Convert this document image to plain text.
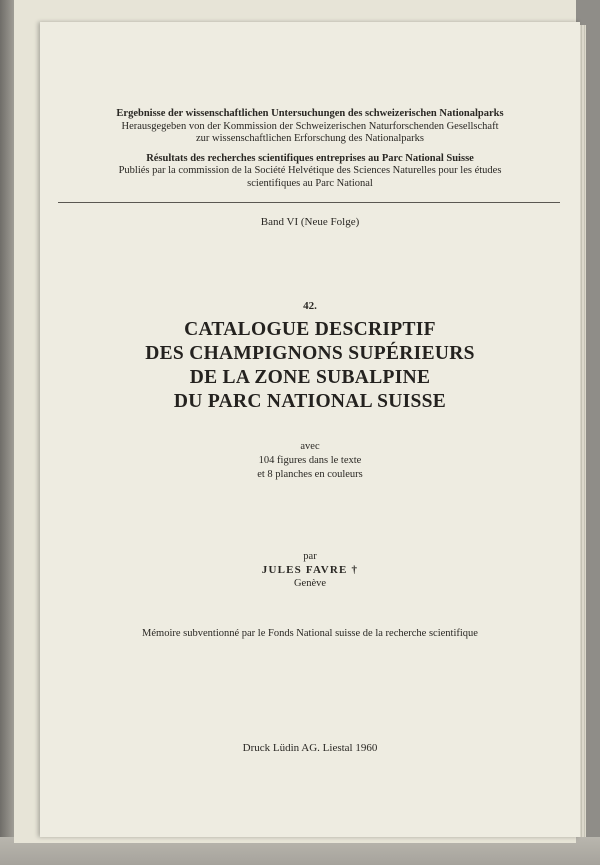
Ergebnisse der wissenschaftlichen Untersuchungen des schweizerischen Nationalparks

Herausgegeben von der Kommission der Schweizerischen Naturforschenden Gesellschaft

zur wissenschaftlichen Erforschung des Nationalparks

Résultats des recherches scientifiques entreprises au Parc National Suisse

Publiés par la commission de la Société Helvétique des Sciences Naturelles pour les études

scientifiques au Parc National

Band VI (Neue Folge)
42.

CATALOGUE DESCRIPTIF

DES CHAMPIGNONS SUPÉRIEURS

DE LA ZONE SUBALPINE

DU PARC NATIONAL SUISSE

avec

104 figures dans le texte

et 8 planches en couleurs

par

JULES FAVRE †

Genève

Mémoire subventionné par le Fonds National suisse de la recherche scientifique
Druck Lüdin AG. Liestal 1960
